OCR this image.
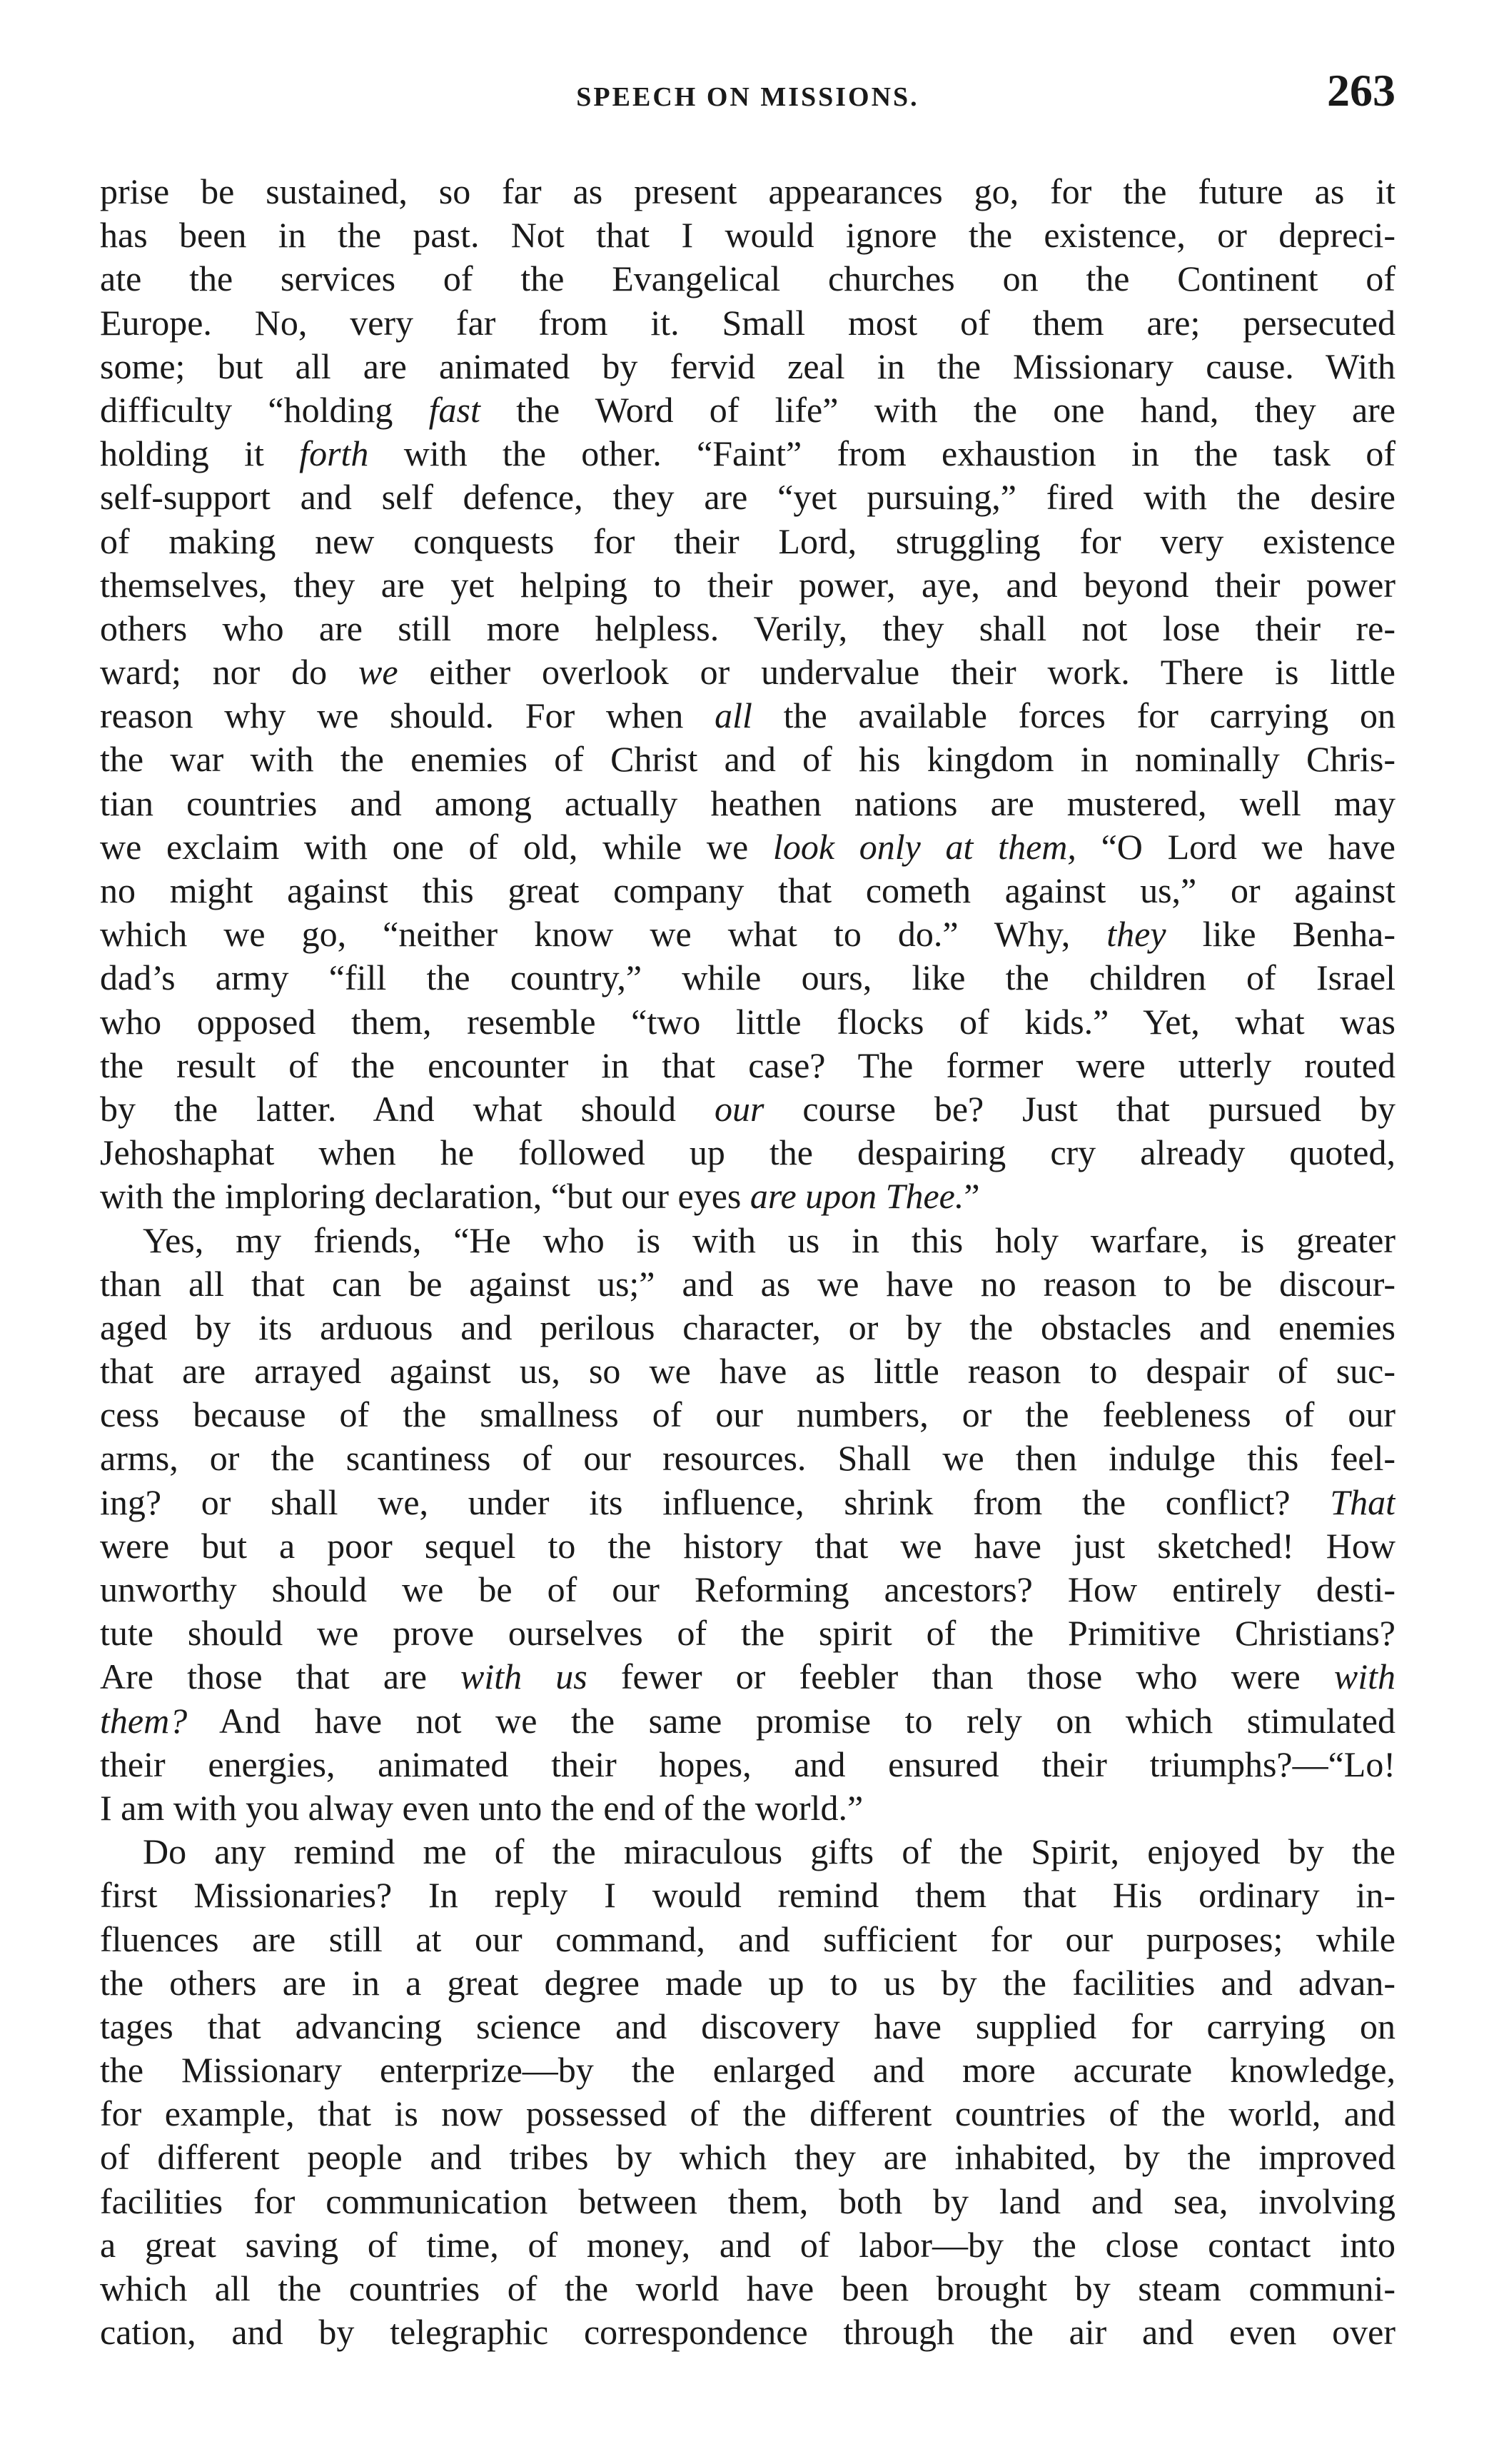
SPEECH ON MISSIONS.	263
prise be sustained, so far as present appearances go, for the future as it
has been in the past. Not that I would ignore the existence, or depreci-
ate the services of the Evangelical churches on the Continent of
Europe. No, very far from it. Small most of them are; persecuted
some; but all are animated by fervid zeal in the Missionary cause. With
difficulty “holding fast the Word of life” with the one hand, they are
holding it forth with the other. “Faint” from exhaustion in the task of
self-support and self defence, they are “yet pursuing,” fired with the desire
of making new conquests for their Lord, struggling for very existence
themselves, they are yet helping to their power, aye, and beyond their power
others who are still more helpless. Verily, they shall not lose their re-
ward; nor do we either overlook or undervalue their work. There is little
reason why we should. For when all the available forces for carrying on
the war with the enemies of Christ and of his kingdom in nominally Chris-
tian countries and among actually heathen nations are mustered, well may
we exclaim with one of old, while we look only at them, “O Lord we have
no might against this great company that cometh against us,” or against
which we go, “neither know we what to do.” Why, they like Benha-
dad’s army “fill the country,” while ours, like the children of Israel
who opposed them, resemble “two little flocks of kids.” Yet, what was
the result of the encounter in that case? The former were utterly routed
by the latter. And what should our course be? Just that pursued by
Jehoshaphat when he followed up the despairing cry already quoted,
with the imploring declaration, “but our eyes are upon Thee.”
Yes, my friends, “He who is with us in this holy warfare, is greater
than all that can be against us;” and as we have no reason to be discour-
aged by its arduous and perilous character, or by the obstacles and enemies
that are arrayed against us, so we have as little reason to despair of suc-
cess because of the smallness of our numbers, or the feebleness of our
arms, or the scantiness of our resources. Shall we then indulge this feel-
ing? or shall we, under its influence, shrink from the conflict? That
were but a poor sequel to the history that we have just sketched! How
unworthy should we be of our Reforming ancestors? How entirely desti-
tute should we prove ourselves of the spirit of the Primitive Christians?
Are those that are with us fewer or feebler than those who were with
them? And have not we the same promise to rely on which stimulated
their energies, animated their hopes, and ensured their triumphs?—“Lo!
I am with you alway even unto the end of the world.”
Do any remind me of the miraculous gifts of the Spirit, enjoyed by the
first Missionaries? In reply I would remind them that His ordinary in-
fluences are still at our command, and sufficient for our purposes; while
the others are in a great degree made up to us by the facilities and advan-
tages that advancing science and discovery have supplied for carrying on
the Missionary enterprize—by the enlarged and more accurate knowledge,
for example, that is now possessed of the different countries of the world, and
of different people and tribes by which they are inhabited, by the improved
facilities for communication between them, both by land and sea, involving
a great saving of time, of money, and of labor—by the close contact into
which all the countries of the world have been brought by steam communi-
cation, and by telegraphic correspondence through the air and even over
